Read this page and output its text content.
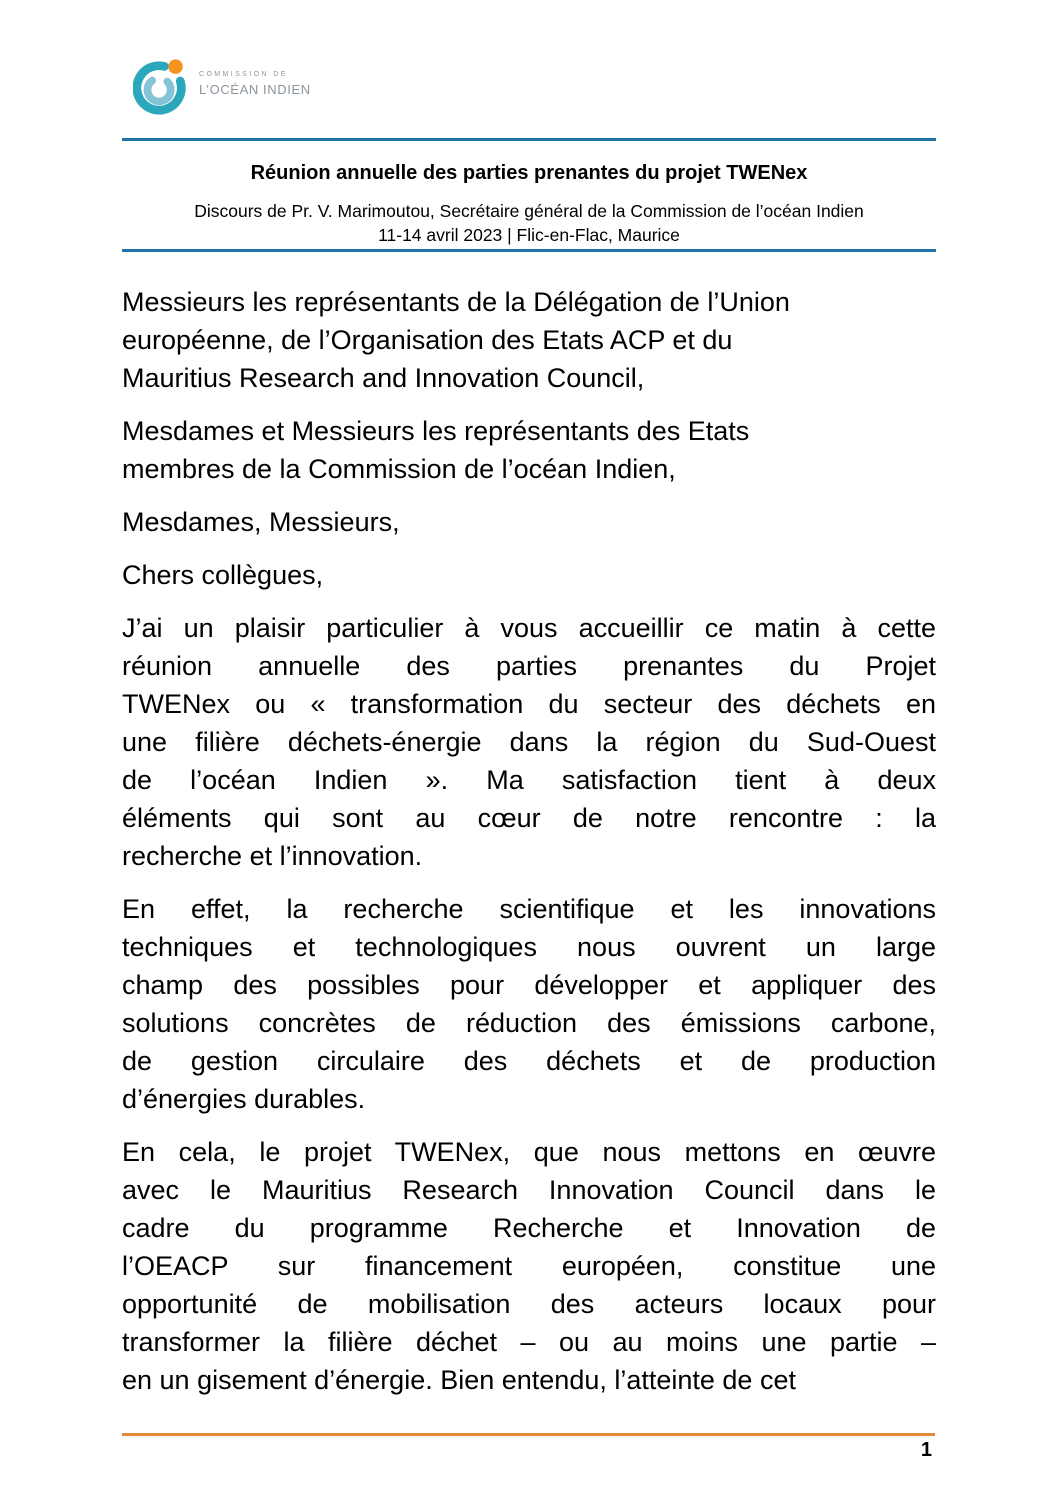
COMMISSION DE
L’OCÉAN INDIEN
Réunion annuelle des parties prenantes du projet TWENex
Discours de Pr. V. Marimoutou, Secrétaire général de la Commission de l’océan Indien
11-14 avril 2023 | Flic-en-Flac, Maurice
Messieurs les représentants de la Délégation de l’Union
européenne, de l’Organisation des Etats ACP et du
Mauritius Research and Innovation Council,
Mesdames et Messieurs les représentants des Etats
membres de la Commission de l’océan Indien,
Mesdames, Messieurs,
Chers collègues,
J’ai un plaisir particulier à vous accueillir ce matin à cette
réunion annuelle des parties prenantes du Projet
TWENex ou « transformation du secteur des déchets en
une filière déchets-énergie dans la région du Sud-Ouest
de l’océan Indien ». Ma satisfaction tient à deux
éléments qui sont au cœur de notre rencontre : la
recherche et l’innovation.
En effet, la recherche scientifique et les innovations
techniques et technologiques nous ouvrent un large
champ des possibles pour développer et appliquer des
solutions concrètes de réduction des émissions carbone,
de gestion circulaire des déchets et de production
d’énergies durables.
En cela, le projet TWENex, que nous mettons en œuvre
avec le Mauritius Research Innovation Council dans le
cadre du programme Recherche et Innovation de
l’OEACP sur financement européen, constitue une
opportunité de mobilisation des acteurs locaux pour
transformer la filière déchet – ou au moins une partie –
en un gisement d’énergie. Bien entendu, l’atteinte de cet
1
